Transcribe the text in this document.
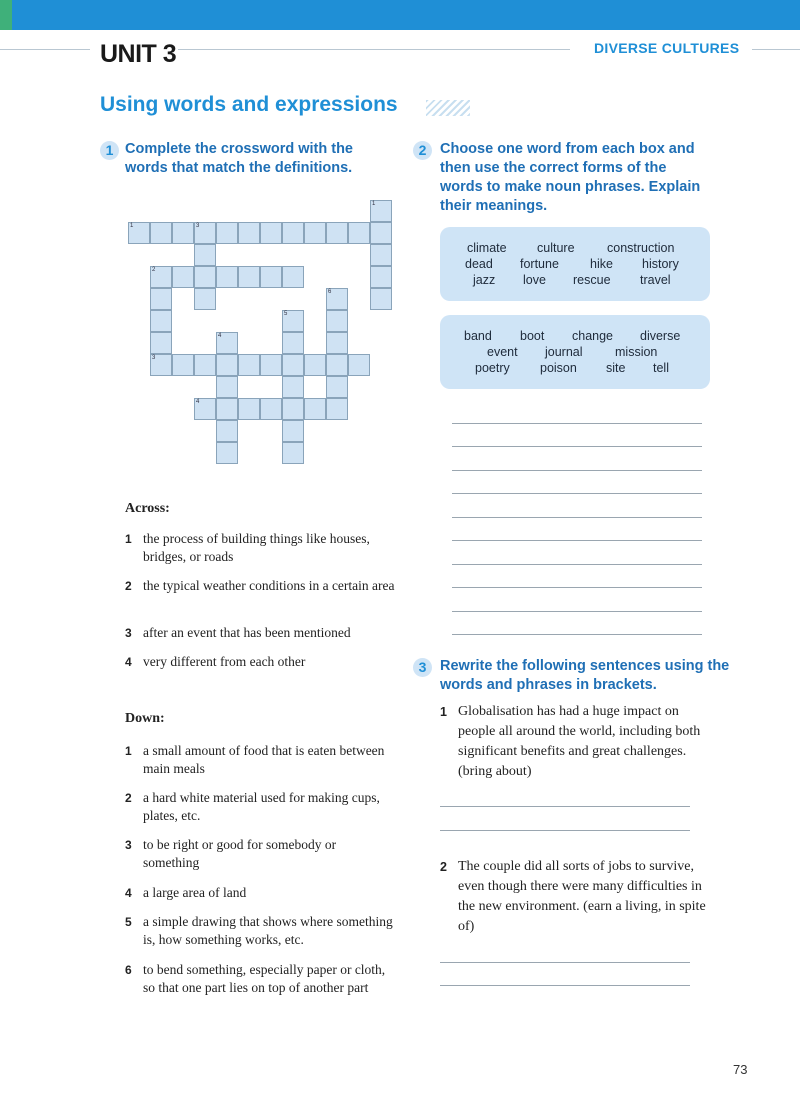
UNIT 3	DIVERSE CULTURES
Using words and expressions
1 Complete the crossword with the words that match the definitions.
1	3
1
2
6
5
4
3
4
Across:
1 the process of building things like houses, bridges, or roads
2 the typical weather conditions in a certain area
3 after an event that has been mentioned
4 very different from each other
Down:
1 a small amount of food that is eaten between main meals
2 a hard white material used for making cups, plates, etc.
3 to be right or good for somebody or something
4 a large area of land
5 a simple drawing that shows where something is, how something works, etc.
6 to bend something, especially paper or cloth, so that one part lies on top of another part
2 Choose one word from each box and then use the correct forms of the words to make noun phrases. Explain their meanings.
climate culture	construction
dead fortune hike history
jazz love rescue travel
band boot change diverse
event journal	mission
poetry poison site tell
3 Rewrite the following sentences using the words and phrases in brackets.
1 Globalisation has had a huge impact on people all around the world, including both significant benefits and great challenges. (bring about)
2 The couple did all sorts of jobs to survive, even though there were many difficulties in the new environment. (earn a living, in spite of)
73
